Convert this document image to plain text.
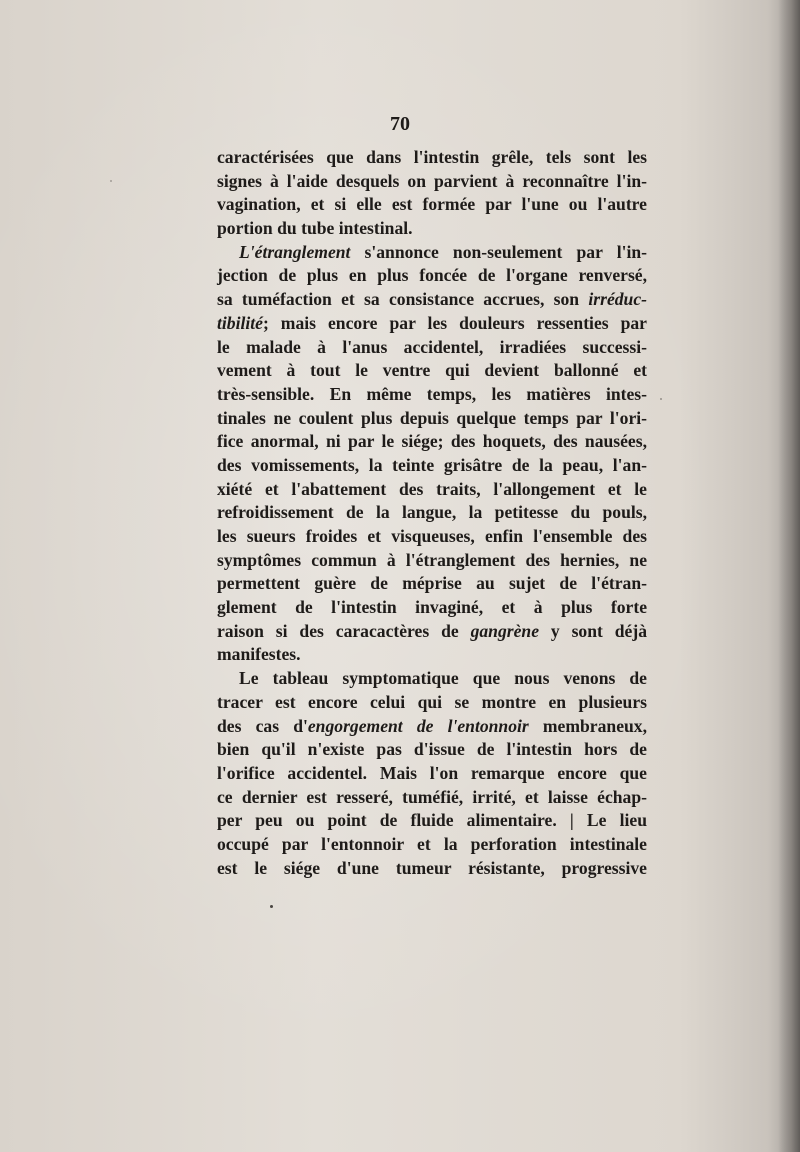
70
caractérisées que dans l'intestin grêle, tels sont les
signes à l'aide desquels on parvient à reconnaître l'in-
vagination, et si elle est formée par l'une ou l'autre
portion du tube intestinal.
L'étranglement s'annonce non-seulement par l'in-
jection de plus en plus foncée de l'organe renversé,
sa tuméfaction et sa consistance accrues, son irréduc-
tibilité; mais encore par les douleurs ressenties par
le malade à l'anus accidentel, irradiées successi-
vement à tout le ventre qui devient ballonné et
très-sensible. En même temps, les matières intes-
tinales ne coulent plus depuis quelque temps par l'ori-
fice anormal, ni par le siége; des hoquets, des nausées,
des vomissements, la teinte grisâtre de la peau, l'an-
xiété et l'abattement des traits, l'allongement et le
refroidissement de la langue, la petitesse du pouls,
les sueurs froides et visqueuses, enfin l'ensemble des
symptômes commun à l'étranglement des hernies, ne
permettent guère de méprise au sujet de l'étran-
glement de l'intestin invaginé, et à plus forte
raison si des caracactères de gangrène y sont déjà
manifestes.
Le tableau symptomatique que nous venons de
tracer est encore celui qui se montre en plusieurs
des cas d'engorgement de l'entonnoir membraneux,
bien qu'il n'existe pas d'issue de l'intestin hors de
l'orifice accidentel. Mais l'on remarque encore que
ce dernier est resseré, tuméfié, irrité, et laisse échap-
per peu ou point de fluide alimentaire. | Le lieu
occupé par l'entonnoir et la perforation intestinale
est le siége d'une tumeur résistante, progressive
